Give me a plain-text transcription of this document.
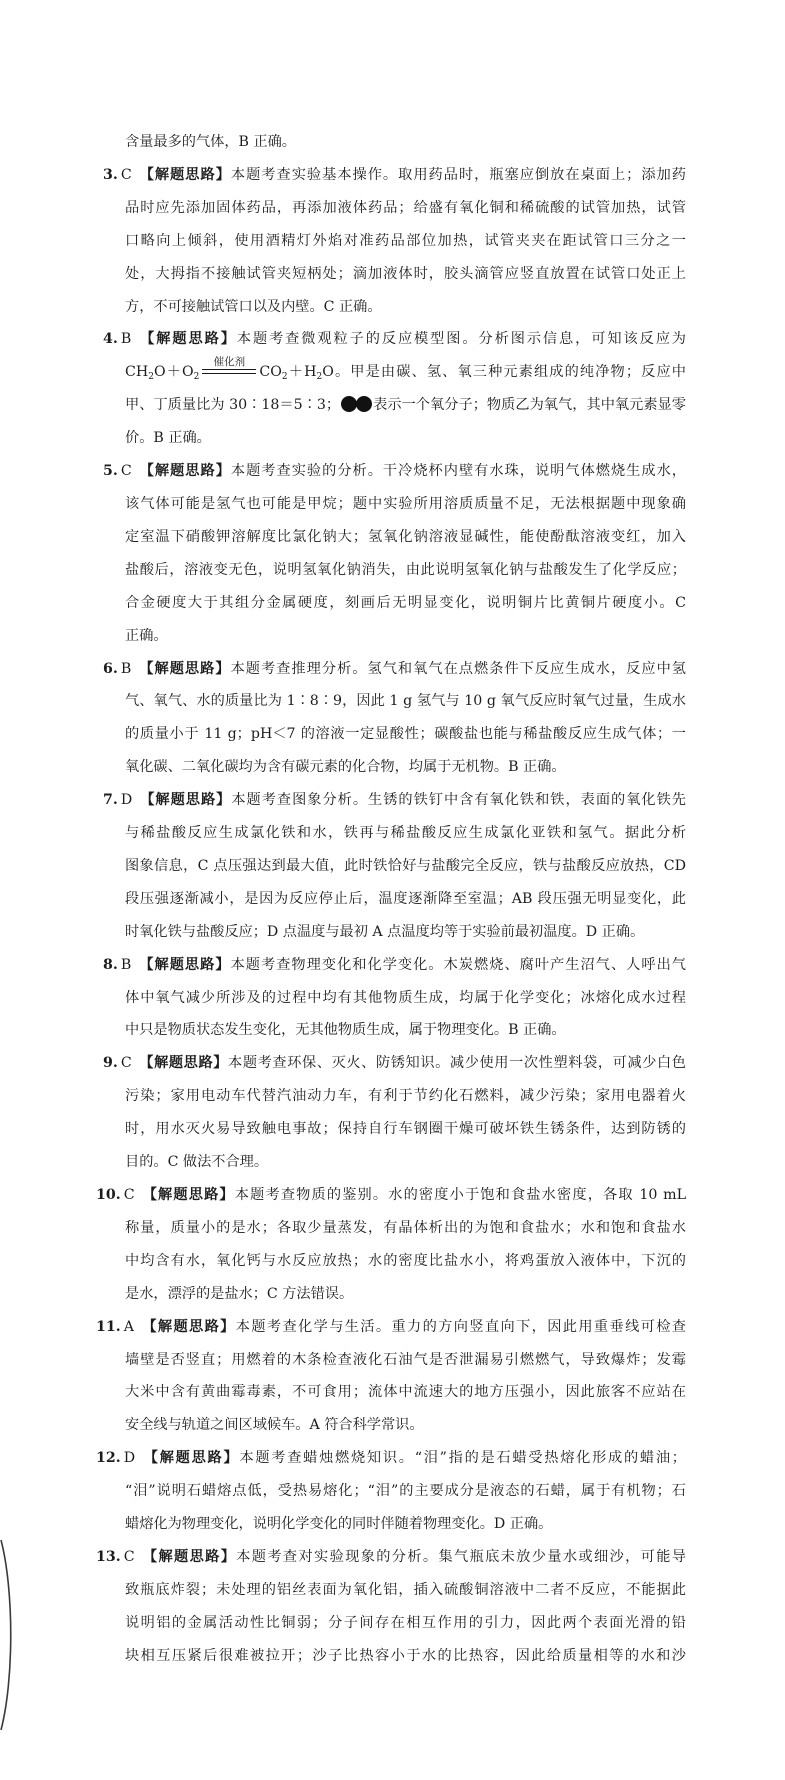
含量最多的气体，B 正确。
3. C 【解题思路】本题考查实验基本操作。取用药品时，瓶塞应倒放在桌面上；添加药
品时应先添加固体药品，再添加液体药品；给盛有氧化铜和稀硫酸的试管加热，试管
口略向上倾斜，使用酒精灯外焰对准药品部位加热，试管夹夹在距试管口三分之一
处，大拇指不接触试管夹短柄处；滴加液体时，胶头滴管应竖直放置在试管口处正上
方，不可接触试管口以及内壁。C 正确。
4. B 【解题思路】本题考查微观粒子的反应模型图。分析图示信息，可知该反应为
$CH_2O+O_2$
催化剂
$CO_2+H_2O$。甲是由碳、氢、氧三种元素组成的纯净物；反应中
甲、丁质量比为 30∶18＝5∶3； 表示一个氧分子；物质乙为氧气，其中氧元素显零
价。B 正确。
5. C 【解题思路】本题考查实验的分析。干冷烧杯内壁有水珠，说明气体燃烧生成水，
该气体可能是氢气也可能是甲烷；题中实验所用溶质质量不足，无法根据题中现象确
定室温下硝酸钾溶解度比氯化钠大；氢氧化钠溶液显碱性，能使酚酞溶液变红，加入
盐酸后，溶液变无色，说明氢氧化钠消失，由此说明氢氧化钠与盐酸发生了化学反应；
合金硬度大于其组分金属硬度，刻画后无明显变化，说明铜片比黄铜片硬度小。C
正确。
6. B 【解题思路】本题考查推理分析。氢气和氧气在点燃条件下反应生成水，反应中氢
气、氧气、水的质量比为 1∶8∶9，因此 1 g 氢气与 10 g 氧气反应时氧气过量，生成水
的质量小于 11 g；pH＜7 的溶液一定显酸性；碳酸盐也能与稀盐酸反应生成气体；一
氧化碳、二氧化碳均为含有碳元素的化合物，均属于无机物。B 正确。
7. D 【解题思路】本题考查图象分析。生锈的铁钉中含有氧化铁和铁，表面的氧化铁先
与稀盐酸反应生成氯化铁和水，铁再与稀盐酸反应生成氯化亚铁和氢气。据此分析
图象信息，C 点压强达到最大值，此时铁恰好与盐酸完全反应，铁与盐酸反应放热，CD
段压强逐渐减小，是因为反应停止后，温度逐渐降至室温；AB 段压强无明显变化，此
时氧化铁与盐酸反应；D 点温度与最初 A 点温度均等于实验前最初温度。D 正确。
8. B 【解题思路】本题考查物理变化和化学变化。木炭燃烧、腐叶产生沼气、人呼出气
体中氧气减少所涉及的过程中均有其他物质生成，均属于化学变化；冰熔化成水过程
中只是物质状态发生变化，无其他物质生成，属于物理变化。B 正确。
9. C 【解题思路】本题考查环保、灭火、防锈知识。减少使用一次性塑料袋，可减少白色
污染；家用电动车代替汽油动力车，有利于节约化石燃料，减少污染；家用电器着火
时，用水灭火易导致触电事故；保持自行车钢圈干燥可破坏铁生锈条件，达到防锈的
目的。C 做法不合理。
10. C 【解题思路】本题考查物质的鉴别。水的密度小于饱和食盐水密度，各取 10 mL
称量，质量小的是水；各取少量蒸发，有晶体析出的为饱和食盐水；水和饱和食盐水
中均含有水，氧化钙与水反应放热；水的密度比盐水小，将鸡蛋放入液体中，下沉的
是水，漂浮的是盐水；C 方法错误。
11. A 【解题思路】本题考查化学与生活。重力的方向竖直向下，因此用重垂线可检查
墙壁是否竖直；用燃着的木条检查液化石油气是否泄漏易引燃燃气，导致爆炸；发霉
大米中含有黄曲霉毒素，不可食用；流体中流速大的地方压强小，因此旅客不应站在
安全线与轨道之间区域候车。A 符合科学常识。
12. D 【解题思路】本题考查蜡烛燃烧知识。“泪”指的是石蜡受热熔化形成的蜡油；
“泪”说明石蜡熔点低，受热易熔化；“泪”的主要成分是液态的石蜡，属于有机物；石
蜡熔化为物理变化，说明化学变化的同时伴随着物理变化。D 正确。
13. C 【解题思路】本题考查对实验现象的分析。集气瓶底未放少量水或细沙，可能导
致瓶底炸裂；未处理的铝丝表面为氧化铝，插入硫酸铜溶液中二者不反应，不能据此
说明铝的金属活动性比铜弱；分子间存在相互作用的引力，因此两个表面光滑的铅
块相互压紧后很难被拉开；沙子比热容小于水的比热容，因此给质量相等的水和沙
